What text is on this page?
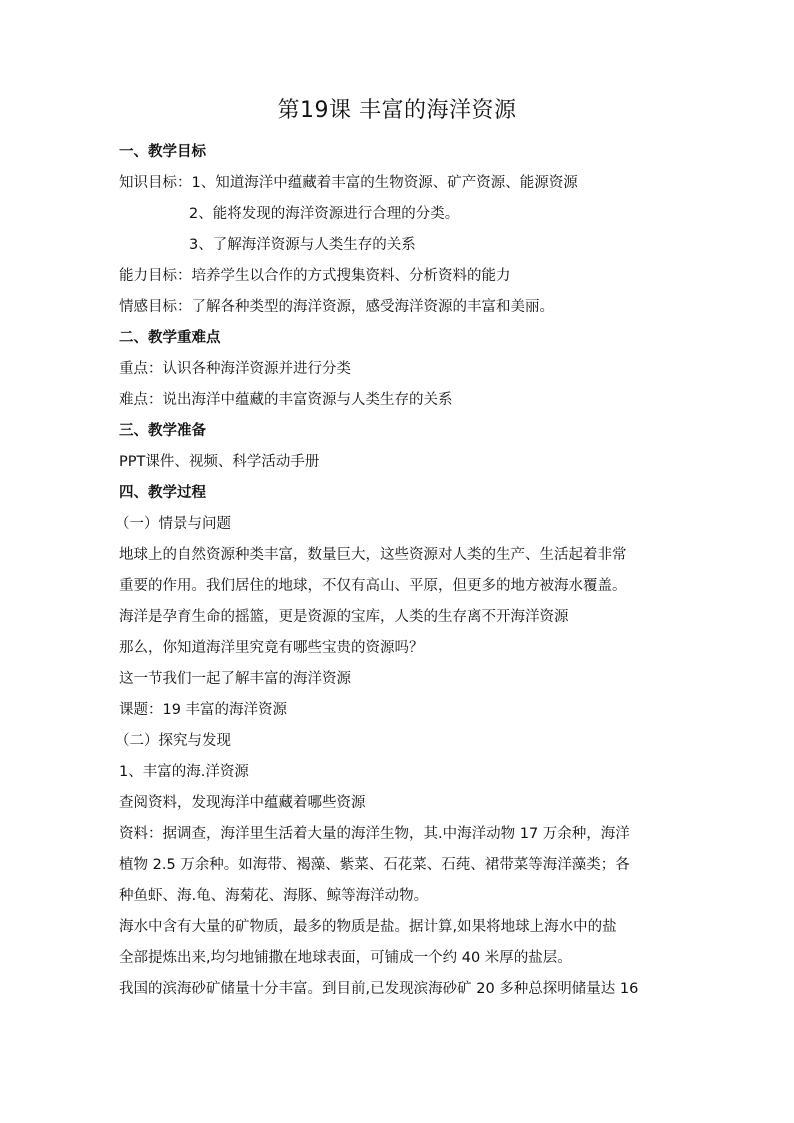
第19课 丰富的海洋资源
一、教学目标
知识目标：1、知道海洋中蕴藏着丰富的生物资源、矿产资源、能源资源
2、能将发现的海洋资源进行合理的分类。
3、了解海洋资源与人类生存的关系
能力目标：培养学生以合作的方式搜集资料、分析资料的能力
情感目标：了解各种类型的海洋资源，感受海洋资源的丰富和美丽。
二、教学重难点
重点：认识各种海洋资源并进行分类
难点：说出海洋中蕴藏的丰富资源与人类生存的关系
三、教学准备
PPT课件、视频、科学活动手册
四、教学过程
（一）情景与问题
地球上的自然资源种类丰富，数量巨大，这些资源对人类的生产、生活起着非常
重要的作用。我们居住的地球，不仅有高山、平原，但更多的地方被海水覆盖。
海洋是孕育生命的摇篮，更是资源的宝库，人类的生存离不开海洋资源
那么，你知道海洋里究竟有哪些宝贵的资源吗？
这一节我们一起了解丰富的海洋资源
课题：19 丰富的海洋资源
（二）探究与发现
1、丰富的海.洋资源
查阅资料，发现海洋中蕴藏着哪些资源
资料：据调查，海洋里生活着大量的海洋生物，其.中海洋动物 17 万余种，海洋
植物 2.5 万余种。如海带、褐藻、紫菜、石花菜、石莼、裙带菜等海洋藻类；各
种鱼虾、海.龟、海菊花、海豚、鲸等海洋动物。
海水中含有大量的矿物质，最多的物质是盐。据计算,如果将地球上海水中的盐
全部提炼出来,均匀地铺撒在地球表面，可铺成一个约 40 米厚的盐层。
我国的滨海砂矿储量十分丰富。到目前,已发现滨海砂矿 20 多种总探明储量达 16
